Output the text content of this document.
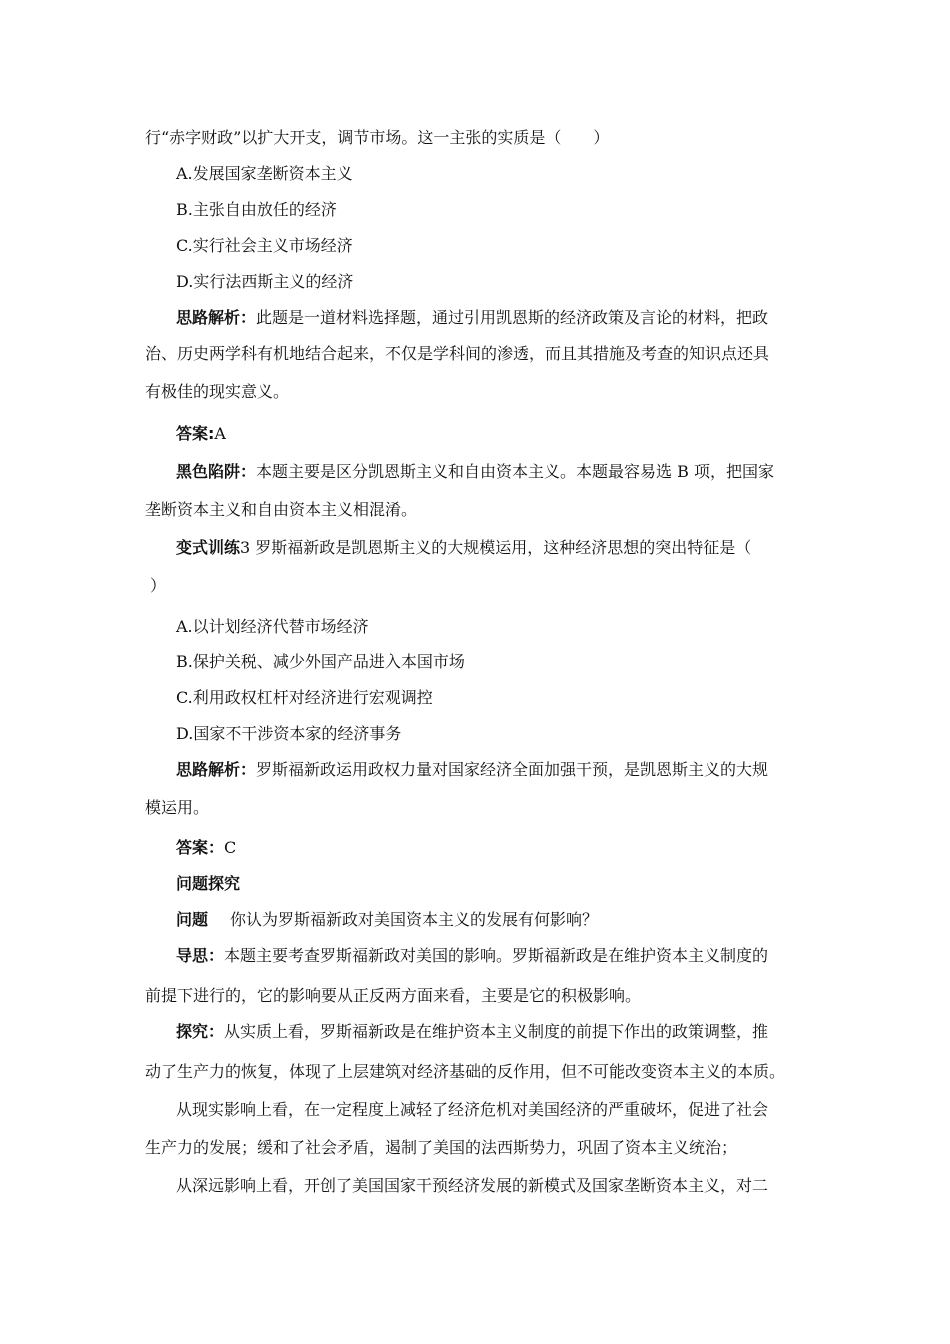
行“赤字财政”以扩大开支，调节市场。这一主张的实质是（　　）
A.发展国家垄断资本主义
B.主张自由放任的经济
C.实行社会主义市场经济
D.实行法西斯主义的经济
思路解析：此题是一道材料选择题，通过引用凯恩斯的经济政策及言论的材料，把政
治、历史两学科有机地结合起来，不仅是学科间的渗透，而且其措施及考查的知识点还具
有极佳的现实意义。
答案:A
黑色陷阱：本题主要是区分凯恩斯主义和自由资本主义。本题最容易选 B 项，把国家
垄断资本主义和自由资本主义相混淆。
变式训练3 罗斯福新政是凯恩斯主义的大规模运用，这种经济思想的突出特征是（
）
A.以计划经济代替市场经济
B.保护关税、减少外国产品进入本国市场
C.利用政权杠杆对经济进行宏观调控
D.国家不干涉资本家的经济事务
思路解析：罗斯福新政运用政权力量对国家经济全面加强干预，是凯恩斯主义的大规
模运用。
答案：C
问题探究
问题 你认为罗斯福新政对美国资本主义的发展有何影响？
导思：本题主要考查罗斯福新政对美国的影响。罗斯福新政是在维护资本主义制度的
前提下进行的，它的影响要从正反两方面来看，主要是它的积极影响。
探究：从实质上看，罗斯福新政是在维护资本主义制度的前提下作出的政策调整，推
动了生产力的恢复，体现了上层建筑对经济基础的反作用，但不可能改变资本主义的本质。
从现实影响上看，在一定程度上减轻了经济危机对美国经济的严重破坏，促进了社会
生产力的发展；缓和了社会矛盾，遏制了美国的法西斯势力，巩固了资本主义统治；
从深远影响上看，开创了美国国家干预经济发展的新模式及国家垄断资本主义，对二
